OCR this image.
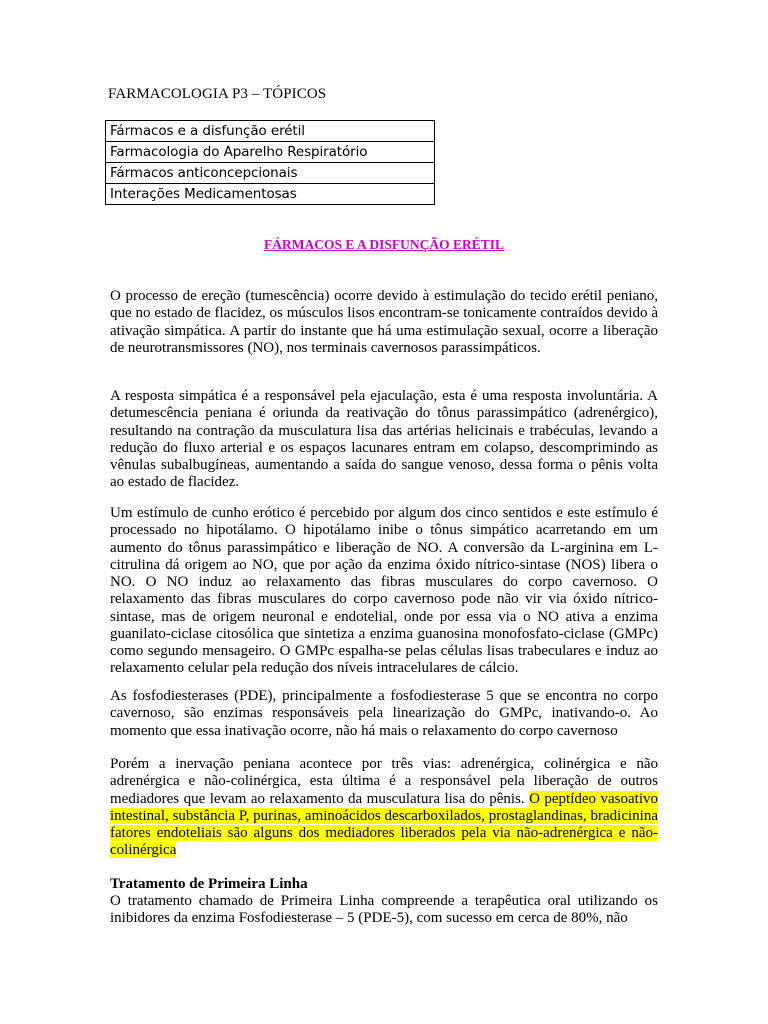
FARMACOLOGIA P3 – TÓPICOS
Fármacos e a disfunção erétil
Farmacologia do Aparelho Respiratório
Fármacos anticoncepcionais
Interações Medicamentosas
FÁRMACOS E A DISFUNÇÃO ERÉTIL

O processo de ereção (tumescência) ocorre devido à estimulação do tecido erétil peniano, que no estado de flacidez, os músculos lisos encontram-se tonicamente contraídos devido à ativação simpática. A partir do instante que há uma estimulação sexual, ocorre a liberação de neurotransmissores (NO), nos terminais cavernosos parassimpáticos.

A resposta simpática é a responsável pela ejaculação, esta é uma resposta involuntária. A detumescência peniana é oriunda da reativação do tônus parassimpático (adrenérgico), resultando na contração da musculatura lisa das artérias helicinais e trabéculas, levando a redução do fluxo arterial e os espaços lacunares entram em colapso, descomprimindo as vênulas subalbugíneas, aumentando a saída do sangue venoso, dessa forma o pênis volta ao estado de flacidez.

Um estímulo de cunho erótico é percebido por algum dos cinco sentidos e este estímulo é processado no hipotálamo. O hipotálamo inibe o tônus simpático acarretando em um aumento do tônus parassimpático e liberação de NO. A conversão da L-arginina em L-citrulina dá origem ao NO, que por ação da enzima óxido nítrico-sintase (NOS) libera o NO. O NO induz ao relaxamento das fibras musculares do corpo cavernoso. O relaxamento das fibras musculares do corpo cavernoso pode não vir via óxido nítrico-sintase, mas de origem neuronal e endotelial, onde por essa via o NO ativa a enzima guanilato-ciclase citosólica que sintetiza a enzima guanosina monofosfato-ciclase (GMPc) como segundo mensageiro. O GMPc espalha-se pelas células lisas trabeculares e induz ao relaxamento celular pela redução dos níveis intracelulares de cálcio.

As fosfodiesterases (PDE), principalmente a fosfodiesterase 5 que se encontra no corpo cavernoso, são enzimas responsáveis pela linearização do GMPc, inativando-o. Ao momento que essa inativação ocorre, não há mais o relaxamento do corpo cavernoso

Porém a inervação peniana acontece por três vias: adrenérgica, colinérgica e não adrenérgica e não-colinérgica, esta última é a responsável pela liberação de outros mediadores que levam ao relaxamento da musculatura lisa do pênis. O peptídeo vasoativo intestinal, substância P, purinas, aminoácidos descarboxilados, prostaglandinas, bradicinina fatores endoteliais são alguns dos mediadores liberados pela via não-adrenérgica e não-colinérgica

Tratamento de Primeira Linha

O tratamento chamado de Primeira Linha compreende a terapêutica oral utilizando os inibidores da enzima Fosfodiesterase – 5 (PDE-5), com sucesso em cerca de 80%, não
